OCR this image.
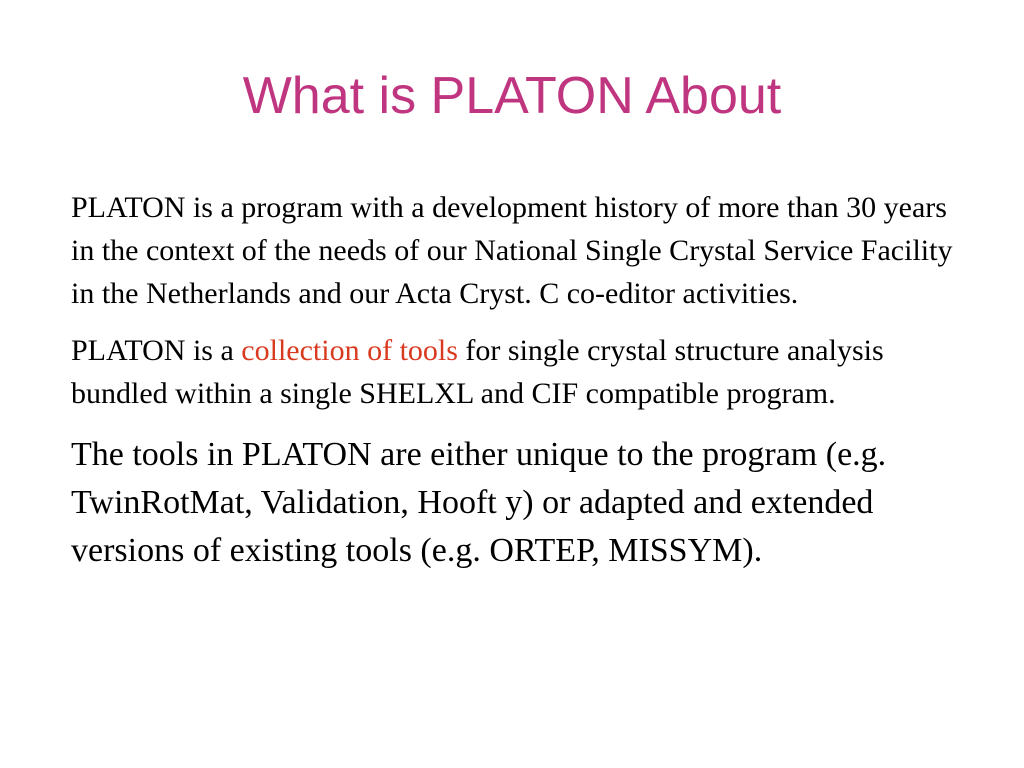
What is PLATON About

PLATON is a program with a development history of more than 30 years in the context of the needs of our National Single Crystal Service Facility in the Netherlands and our Acta Cryst. C co-editor activities.

PLATON is a collection of tools for single crystal structure analysis bundled within a single SHELXL and CIF compatible program.

The tools in PLATON are either unique to the program (e.g. TwinRotMat, Validation, Hooft y) or adapted and extended versions of existing tools (e.g. ORTEP, MISSYM).
